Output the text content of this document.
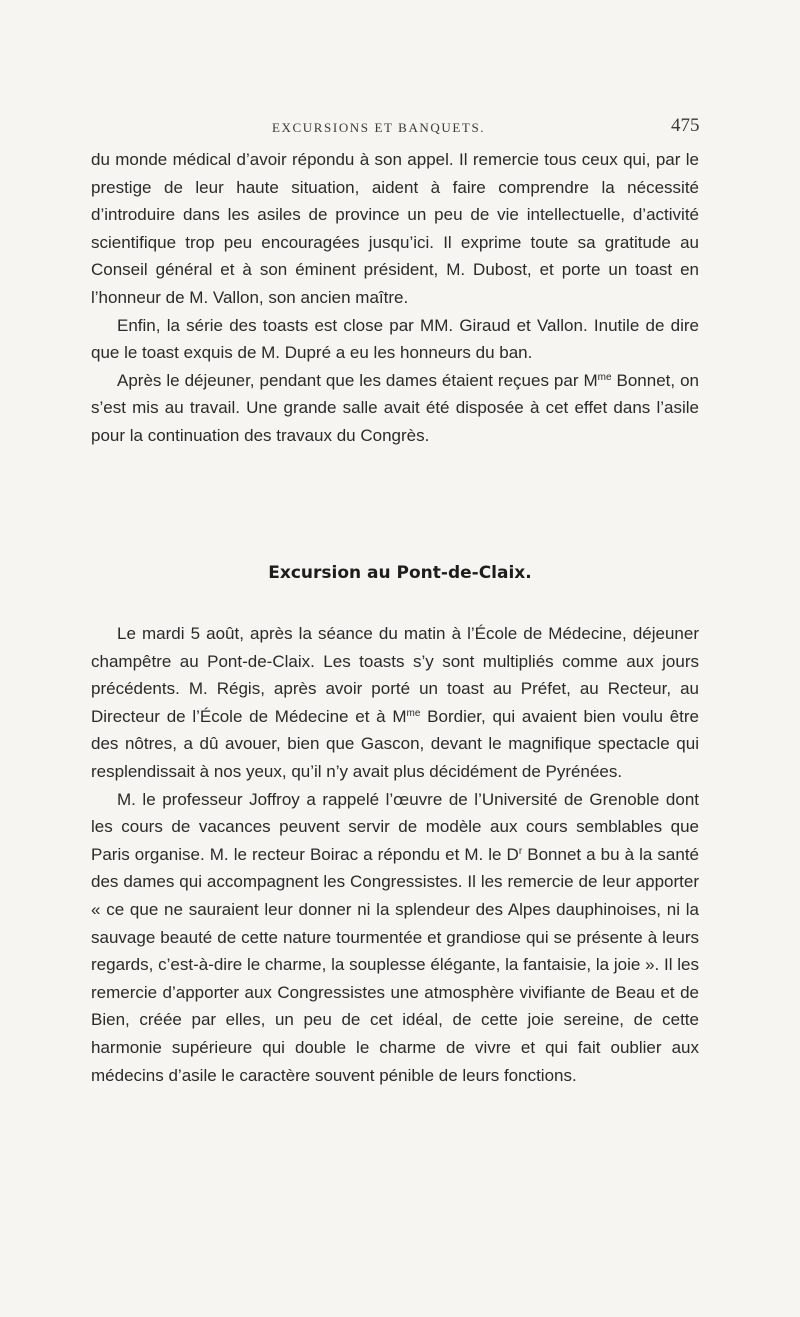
EXCURSIONS ET BANQUETS.	475

du monde médical d’avoir répondu à son appel. Il remercie tous ceux qui, par le prestige de leur haute situation, aident à faire comprendre la nécessité d’introduire dans les asiles de province un peu de vie intellectuelle, d’activité scientifique trop peu encouragées jusqu’ici. Il exprime toute sa gratitude au Conseil général et à son éminent président, M. Dubost, et porte un toast en l’honneur de M. Vallon, son ancien maître.

Enfin, la série des toasts est close par MM. Giraud et Vallon. Inutile de dire que le toast exquis de M. Dupré a eu les honneurs du ban.

Après le déjeuner, pendant que les dames étaient reçues par $M^{me}$ Bonnet, on s’est mis au travail. Une grande salle avait été disposée à cet effet dans l’asile pour la continuation des travaux du Congrès.

Excursion au Pont-de-Claix.

Le mardi 5 août, après la séance du matin à l’École de Médecine, déjeuner champêtre au Pont-de-Claix. Les toasts s’y sont multipliés comme aux jours précédents. M. Régis, après avoir porté un toast au Préfet, au Recteur, au Directeur de l’École de Médecine et à $M^{me}$ Bordier, qui avaient bien voulu être des nôtres, a dû avouer, bien que Gascon, devant le magnifique spectacle qui resplendissait à nos yeux, qu’il n’y avait plus décidément de Pyrénées.

M. le professeur Joffroy a rappelé l’œuvre de l’Université de Grenoble dont les cours de vacances peuvent servir de modèle aux cours semblables que Paris organise. M. le recteur Boirac a répondu et M. le $D^r$ Bonnet a bu à la santé des dames qui accompagnent les Congressistes. Il les remercie de leur apporter « ce que ne sauraient leur donner ni la splendeur des Alpes dauphinoises, ni la sauvage beauté de cette nature tourmentée et grandiose qui se présente à leurs regards, c’est-à-dire le charme, la souplesse élégante, la fantaisie, la joie ». Il les remercie d’apporter aux Congressistes une atmosphère vivifiante de Beau et de Bien, créée par elles, un peu de cet idéal, de cette joie sereine, de cette harmonie supérieure qui double le charme de vivre et qui fait oublier aux médecins d’asile le caractère souvent pénible de leurs fonctions.
